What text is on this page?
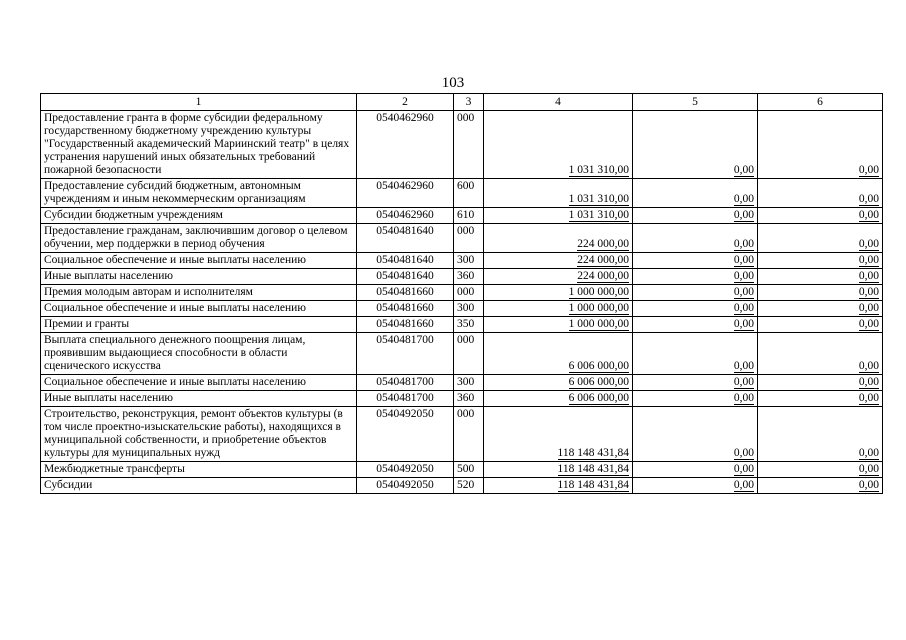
103
1	2	3	4	5	6
Предоставление гранта в форме субсидии федеральному государственному бюджетному учреждению культуры "Государственный академический Мариинский театр" в целях устранения нарушений иных обязательных требований пожарной безопасности	0540462960	000	1 031 310,00	0,00	0,00
Предоставление субсидий бюджетным, автономным учреждениям и иным некоммерческим организациям	0540462960	600	1 031 310,00	0,00	0,00
Субсидии бюджетным учреждениям	0540462960	610	1 031 310,00	0,00	0,00
Предоставление гражданам, заключившим договор о целевом обучении, мер поддержки в период обучения	0540481640	000	224 000,00	0,00	0,00
Социальное обеспечение и иные выплаты населению	0540481640	300	224 000,00	0,00	0,00
Иные выплаты населению	0540481640	360	224 000,00	0,00	0,00
Премия молодым авторам и исполнителям	0540481660	000	1 000 000,00	0,00	0,00
Социальное обеспечение и иные выплаты населению	0540481660	300	1 000 000,00	0,00	0,00
Премии и гранты	0540481660	350	1 000 000,00	0,00	0,00
Выплата специального денежного поощрения лицам, проявившим выдающиеся способности в области сценического искусства	0540481700	000	6 006 000,00	0,00	0,00
Социальное обеспечение и иные выплаты населению	0540481700	300	6 006 000,00	0,00	0,00
Иные выплаты населению	0540481700	360	6 006 000,00	0,00	0,00
Строительство, реконструкция, ремонт объектов культуры (в том числе проектно-изыскательские работы), находящихся в муниципальной собственности, и приобретение объектов культуры для муниципальных нужд	0540492050	000	118 148 431,84	0,00	0,00
Межбюджетные трансферты	0540492050	500	118 148 431,84	0,00	0,00
Субсидии	0540492050	520	118 148 431,84	0,00	0,00
